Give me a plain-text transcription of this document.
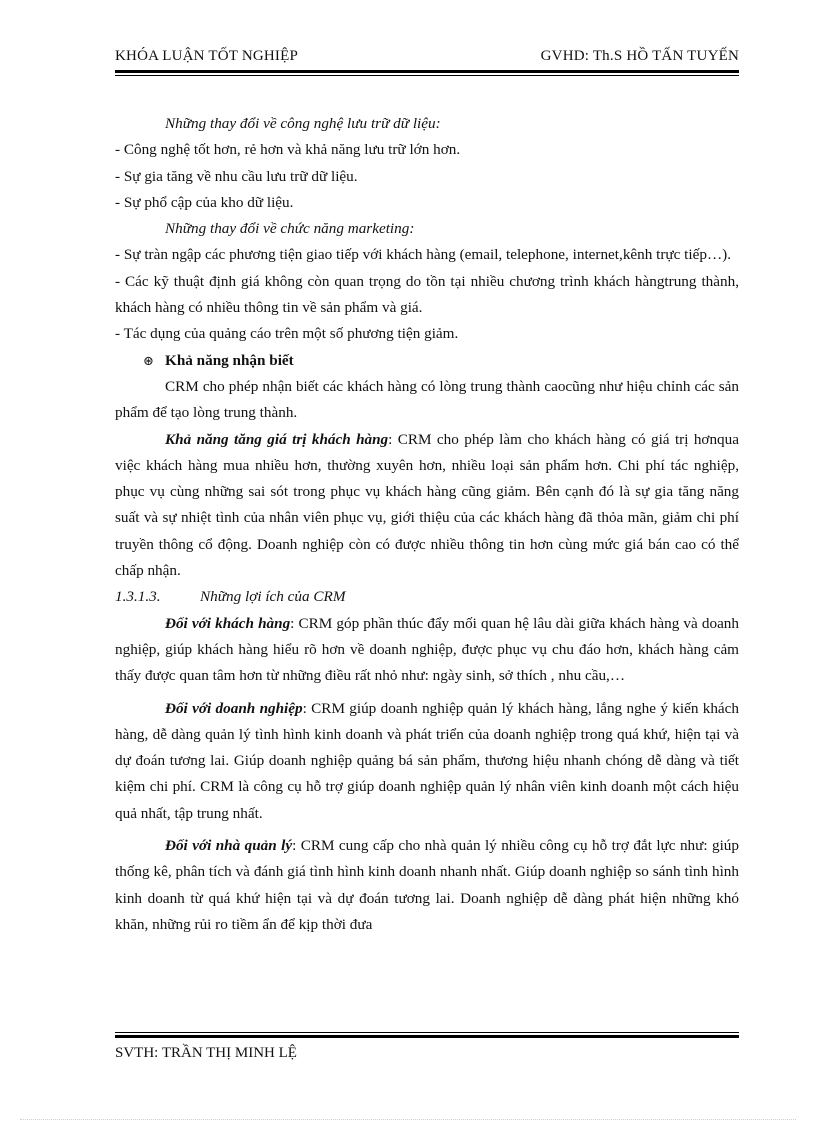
KHÓA LUẬN TỐT NGHIỆP	GVHD: Th.S HỒ TẤN TUYẾN

Những thay đổi về công nghệ lưu trữ dữ liệu:

- Công nghệ tốt hơn, rẻ hơn và khả năng lưu trữ lớn hơn.

- Sự gia tăng về nhu cầu lưu trữ dữ liệu.

- Sự phổ cập của kho dữ liệu.

Những thay đổi về chức năng marketing:

- Sự tràn ngập các phương tiện giao tiếp với khách hàng (email, telephone, internet,kênh trực tiếp…).

- Các kỹ thuật định giá không còn quan trọng do tồn tại nhiều chương trình khách hàngtrung thành, khách hàng có nhiều thông tin về sản phẩm và giá.

- Tác dụng của quảng cáo trên một số phương tiện giảm.

⊛ Khả năng nhận biết

CRM cho phép nhận biết các khách hàng có lòng trung thành caocũng như hiệu chỉnh các sản phẩm để tạo lòng trung thành.

Khả năng tăng giá trị khách hàng: CRM cho phép làm cho khách hàng có giá trị hơnqua việc khách hàng mua nhiều hơn, thường xuyên hơn, nhiều loại sản phẩm hơn. Chi phí tác nghiệp, phục vụ cùng những sai sót trong phục vụ khách hàng cũng giảm. Bên cạnh đó là sự gia tăng năng suất và sự nhiệt tình của nhân viên phục vụ, giới thiệu của các khách hàng đã thỏa mãn, giảm chi phí truyền thông cổ động. Doanh nghiệp còn có được nhiều thông tin hơn cùng mức giá bán cao có thể chấp nhận.

1.3.1.3.	Những lợi ích của CRM

Đối với khách hàng: CRM góp phần thúc đẩy mối quan hệ lâu dài giữa khách hàng và doanh nghiệp, giúp khách hàng hiểu rõ hơn về doanh nghiệp, được phục vụ chu đáo hơn, khách hàng cảm thấy được quan tâm hơn từ những điều rất nhỏ như: ngày sinh, sở thích , nhu cầu,…

Đối với doanh nghiệp: CRM giúp doanh nghiệp quản lý khách hàng, lắng nghe ý kiến khách hàng, dễ dàng quản lý tình hình kinh doanh và phát triển của doanh nghiệp trong quá khứ, hiện tại và dự đoán tương lai. Giúp doanh nghiệp quảng bá sản phẩm, thương hiệu nhanh chóng dễ dàng và tiết kiệm chi phí. CRM là công cụ hỗ trợ giúp doanh nghiệp quản lý nhân viên kinh doanh một cách hiệu quả nhất, tập trung nhất.

Đối với nhà quản lý: CRM cung cấp cho nhà quản lý nhiều công cụ hỗ trợ đắt lực như: giúp thống kê, phân tích và đánh giá tình hình kinh doanh nhanh nhất. Giúp doanh nghiệp so sánh tình hình kinh doanh từ quá khứ hiện tại và dự đoán tương lai. Doanh nghiệp dễ dàng phát hiện những khó khăn, những rủi ro tiềm ẩn để kịp thời đưa

SVTH: TRẦN THỊ MINH LỆ
